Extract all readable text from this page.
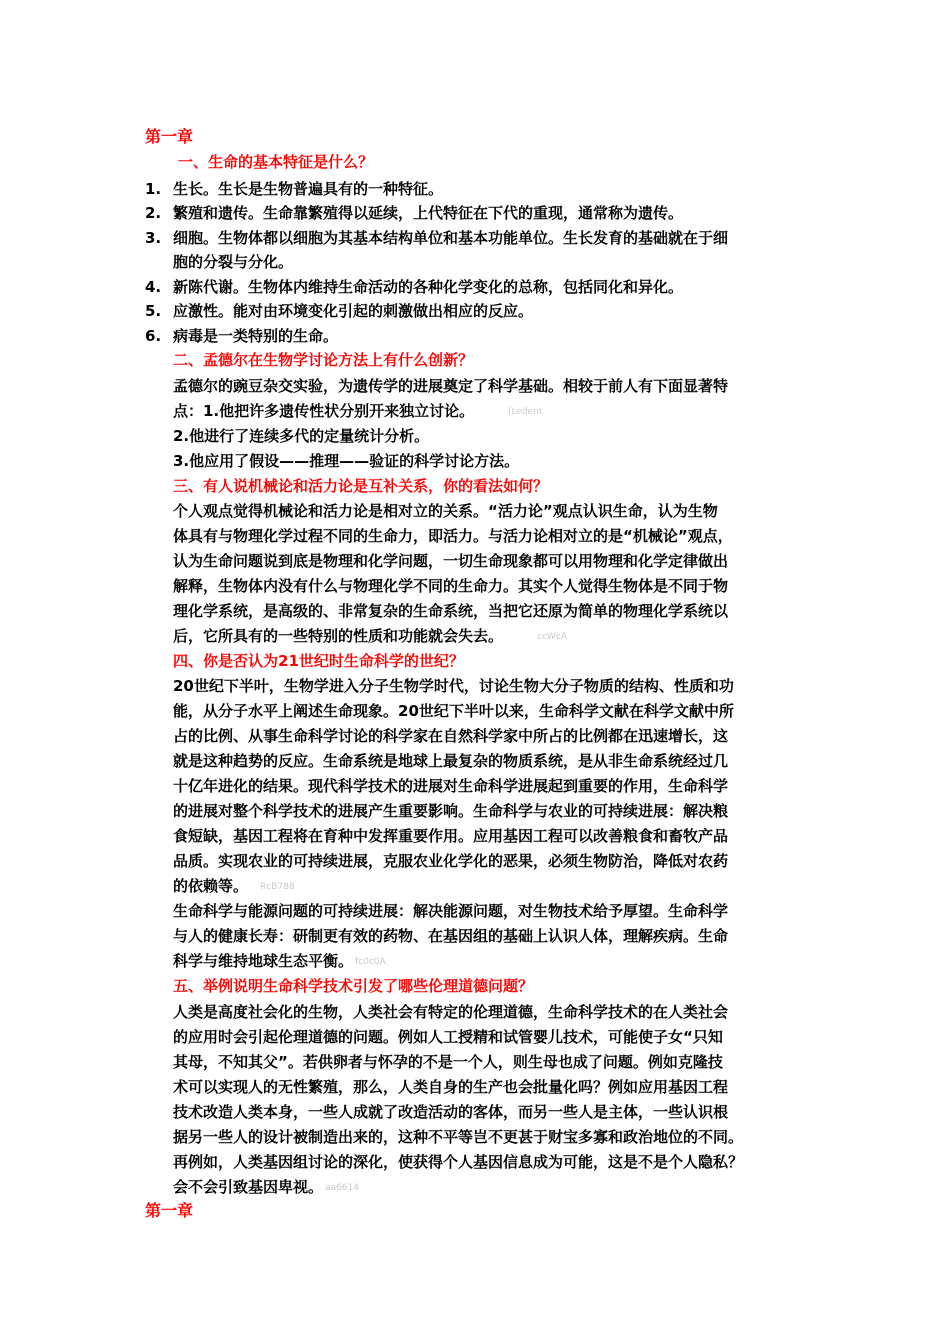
第一章
一、生命的基本特征是什么？
1. 生长。生长是生物普遍具有的一种特征。
2. 繁殖和遗传。生命靠繁殖得以延续，上代特征在下代的重现，通常称为遗传。
3. 细胞。生物体都以细胞为其基本结构单位和基本功能单位。生长发育的基础就在于细
胞的分裂与分化。
4. 新陈代谢。生物体内维持生命活动的各种化学变化的总称，包括同化和异化。
5. 应激性。能对由环境变化引起的刺激做出相应的反应。
6. 病毒是一类特别的生命。
二、孟德尔在生物学讨论方法上有什么创新？
孟德尔的豌豆杂交实验，为遗传学的进展奠定了科学基础。相较于前人有下面显著特
点：1.他把许多遗传性状分别开来独立讨论。	(Ledent
2.他进行了连续多代的定量统计分析。
3.他应用了假设——推理——验证的科学讨论方法。
三、有人说机械论和活力论是互补关系，你的看法如何？
个人观点觉得机械论和活力论是相对立的关系。“活力论”观点认识生命，认为生物
体具有与物理化学过程不同的生命力，即活力。与活力论相对立的是“机械论”观点，
认为生命问题说到底是物理和化学问题，一切生命现象都可以用物理和化学定律做出
解释，生物体内没有什么与物理化学不同的生命力。其实个人觉得生物体是不同于物
理化学系统，是高级的、非常复杂的生命系统，当把它还原为简单的物理化学系统以
后，它所具有的一些特别的性质和功能就会失去。	ccWcA
四、你是否认为21世纪时生命科学的世纪？
20世纪下半叶，生物学进入分子生物学时代，讨论生物大分子物质的结构、性质和功
能，从分子水平上阐述生命现象。20世纪下半叶以来，生命科学文献在科学文献中所
占的比例、从事生命科学讨论的科学家在自然科学家中所占的比例都在迅速增长，这
就是这种趋势的反应。生命系统是地球上最复杂的物质系统，是从非生命系统经过几
十亿年进化的结果。现代科学技术的进展对生命科学进展起到重要的作用，生命科学
的进展对整个科学技术的进展产生重要影响。生命科学与农业的可持续进展：解决粮
食短缺，基因工程将在育种中发挥重要作用。应用基因工程可以改善粮食和畜牧产品
品质。实现农业的可持续进展，克服农业化学化的恶果，必须生物防治，降低对农药
的依赖等。 RcB788
生命科学与能源问题的可持续进展：解决能源问题，对生物技术给予厚望。生命科学
与人的健康长寿：研制更有效的药物、在基因组的基础上认识人体，理解疾病。生命
科学与维持地球生态平衡。 fc0c0A
五、举例说明生命科学技术引发了哪些伦理道德问题？
人类是高度社会化的生物，人类社会有特定的伦理道德，生命科学技术的在人类社会
的应用时会引起伦理道德的问题。例如人工授精和试管婴儿技术，可能使子女“只知
其母，不知其父”。若供卵者与怀孕的不是一个人，则生母也成了问题。例如克隆技
术可以实现人的无性繁殖，那么，人类自身的生产也会批量化吗？例如应用基因工程
技术改造人类本身，一些人成就了改造活动的客体，而另一些人是主体，一些认识根
据另一些人的设计被制造出来的，这种不平等岂不更甚于财宝多寡和政治地位的不同。
再例如，人类基因组讨论的深化，使获得个人基因信息成为可能，这是不是个人隐私？
会不会引致基因卑视。 aa6614
第一章
